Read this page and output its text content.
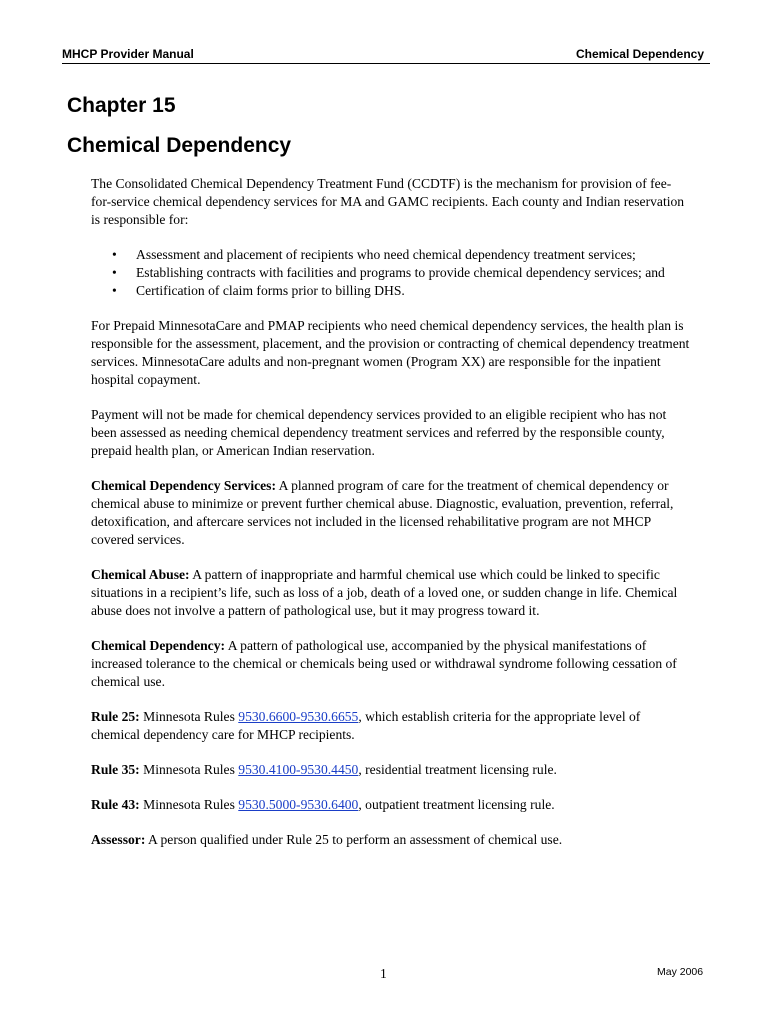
MHCP Provider Manual	Chemical Dependency
Chapter 15
Chemical Dependency

The Consolidated Chemical Dependency Treatment Fund (CCDTF) is the mechanism for provision of fee-for-service chemical dependency services for MA and GAMC recipients. Each county and Indian reservation is responsible for:

• Assessment and placement of recipients who need chemical dependency treatment services;
• Establishing contracts with facilities and programs to provide chemical dependency services; and
• Certification of claim forms prior to billing DHS.

For Prepaid MinnesotaCare and PMAP recipients who need chemical dependency services, the health plan is responsible for the assessment, placement, and the provision or contracting of chemical dependency treatment services. MinnesotaCare adults and non-pregnant women (Program XX) are responsible for the inpatient hospital copayment.

Payment will not be made for chemical dependency services provided to an eligible recipient who has not been assessed as needing chemical dependency treatment services and referred by the responsible county, prepaid health plan, or American Indian reservation.

Chemical Dependency Services: A planned program of care for the treatment of chemical dependency or chemical abuse to minimize or prevent further chemical abuse. Diagnostic, evaluation, prevention, referral, detoxification, and aftercare services not included in the licensed rehabilitative program are not MHCP covered services.

Chemical Abuse: A pattern of inappropriate and harmful chemical use which could be linked to specific situations in a recipient’s life, such as loss of a job, death of a loved one, or sudden change in life. Chemical abuse does not involve a pattern of pathological use, but it may progress toward it.

Chemical Dependency: A pattern of pathological use, accompanied by the physical manifestations of increased tolerance to the chemical or chemicals being used or withdrawal syndrome following cessation of chemical use.

Rule 25: Minnesota Rules 9530.6600-9530.6655, which establish criteria for the appropriate level of chemical dependency care for MHCP recipients.

Rule 35: Minnesota Rules 9530.4100-9530.4450, residential treatment licensing rule.

Rule 43: Minnesota Rules 9530.5000-9530.6400, outpatient treatment licensing rule.

Assessor: A person qualified under Rule 25 to perform an assessment of chemical use.

1	May 2006
